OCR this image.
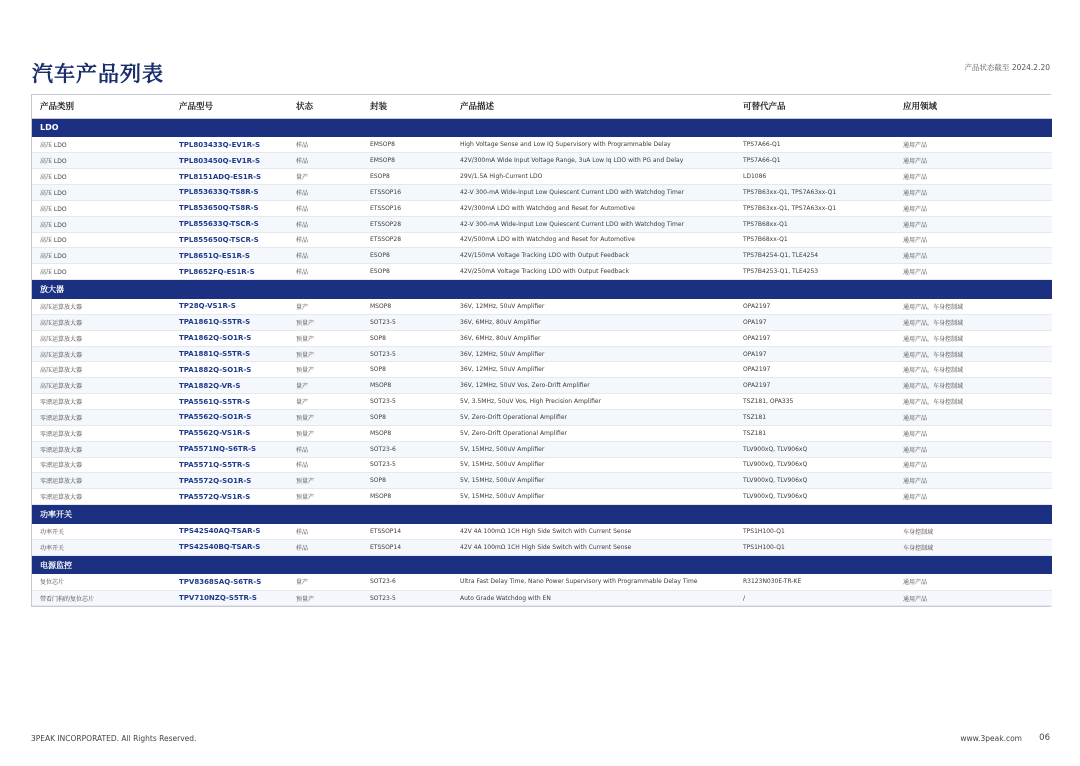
汽车产品列表	产品状态截至 2024.2.20
产品类别	产品型号	状态	封装	产品描述	可替代产品	应用领域
LDO						
高压 LDO	TPL803433Q-EV1R-S	样品	EMSOP8	High Voltage Sense and Low IQ Supervisory with Programmable Delay	TPS7A66-Q1	通用产品
高压 LDO	TPL803450Q-EV1R-S	样品	EMSOP8	42V/300mA Wide Input Voltage Range, 3uA Low Iq LDO with PG and Delay	TPS7A66-Q1	通用产品
高压 LDO	TPL8151ADQ-ES1R-S	量产	ESOP8	29V/1.5A High-Current LDO	LD1086	通用产品
高压 LDO	TPL853633Q-TS8R-S	样品	ETSSOP16	42-V 300-mA Wide-Input Low Quiescent Current LDO with Watchdog Timer	TPS7B63xx-Q1, TPS7A63xx-Q1	通用产品
高压 LDO	TPL853650Q-TS8R-S	样品	ETSSOP16	42V/300mA LDO with Watchdog and Reset for Automotive	TPS7B63xx-Q1, TPS7A63xx-Q1	通用产品
高压 LDO	TPL855633Q-TSCR-S	样品	ETSSOP28	42-V 300-mA Wide-Input Low Quiescent Current LDO with Watchdog Timer	TPS7B68xx-Q1	通用产品
高压 LDO	TPL855650Q-TSCR-S	样品	ETSSOP28	42V/500mA LDO with Watchdog and Reset for Automotive	TPS7B68xx-Q1	通用产品
高压 LDO	TPL8651Q-ES1R-S	样品	ESOP8	42V/150mA Voltage Tracking LDO with Output Feedback	TPS7B4254-Q1, TLE4254	通用产品
高压 LDO	TPL8652FQ-ES1R-S	样品	ESOP8	42V/250mA Voltage Tracking LDO with Output Feedback	TPS7B4253-Q1, TLE4253	通用产品
放大器						
高压运算放大器	TP28Q-VS1R-S	量产	MSOP8	36V, 12MHz, 50uV Amplifier	OPA2197	通用产品，车身控制域
高压运算放大器	TPA1861Q-S5TR-S	预量产	SOT23-5	36V, 6MHz, 80uV Amplifier	OPA197	通用产品，车身控制域
高压运算放大器	TPA1862Q-SO1R-S	预量产	SOP8	36V, 6MHz, 80uV Amplifier	OPA2197	通用产品，车身控制域
高压运算放大器	TPA1881Q-S5TR-S	预量产	SOT23-5	36V, 12MHz, 50uV Amplifier	OPA197	通用产品，车身控制域
高压运算放大器	TPA1882Q-SO1R-S	预量产	SOP8	36V, 12MHz, 50uV Amplifier	OPA2197	通用产品，车身控制域
高压运算放大器	TPA1882Q-VR-S	量产	MSOP8	36V, 12MHz, 50uV Vos, Zero-Drift Amplifier	OPA2197	通用产品，车身控制域
零漂运算放大器	TPA5561Q-S5TR-S	量产	SOT23-5	5V, 3.5MHz, 50uV Vos, High Precision Amplifier	TSZ181, OPA335	通用产品，车身控制域
零漂运算放大器	TPA5562Q-SO1R-S	预量产	SOP8	5V, Zero-Drift Operational Amplifier	TSZ181	通用产品
零漂运算放大器	TPA5562Q-VS1R-S	预量产	MSOP8	5V, Zero-Drift Operational Amplifier	TSZ181	通用产品
零漂运算放大器	TPA5571NQ-S6TR-S	样品	SOT23-6	5V, 15MHz, 500uV Amplifier	TLV900xQ, TLV906xQ	通用产品
零漂运算放大器	TPA5571Q-S5TR-S	样品	SOT23-5	5V, 15MHz, 500uV Amplifier	TLV900xQ, TLV906xQ	通用产品
零漂运算放大器	TPA5572Q-SO1R-S	预量产	SOP8	5V, 15MHz, 500uV Amplifier	TLV900xQ, TLV906xQ	通用产品
零漂运算放大器	TPA5572Q-VS1R-S	预量产	MSOP8	5V, 15MHz, 500uV Amplifier	TLV900xQ, TLV906xQ	通用产品
功率开关						
功率开关	TPS42S40AQ-TSAR-S	样品	ETSSOP14	42V 4A 100mΩ 1CH High Side Switch with Current Sense	TPS1H100-Q1	车身控制域
功率开关	TPS42S40BQ-TSAR-S	样品	ETSSOP14	42V 4A 100mΩ 1CH High Side Switch with Current Sense	TPS1H100-Q1	车身控制域
电源监控						
复位芯片	TPV8368SAQ-S6TR-S	量产	SOT23-6	Ultra Fast Delay Time, Nano Power Supervisory with Programmable Delay Time	R3123N030E-TR-KE	通用产品
带看门狗的复位芯片	TPV710NZQ-S5TR-S	预量产	SOT23-5	Auto Grade Watchdog with EN	/	通用产品
3PEAK INCORPORATED. All Rights Reserved.	www.3peak.com 06
